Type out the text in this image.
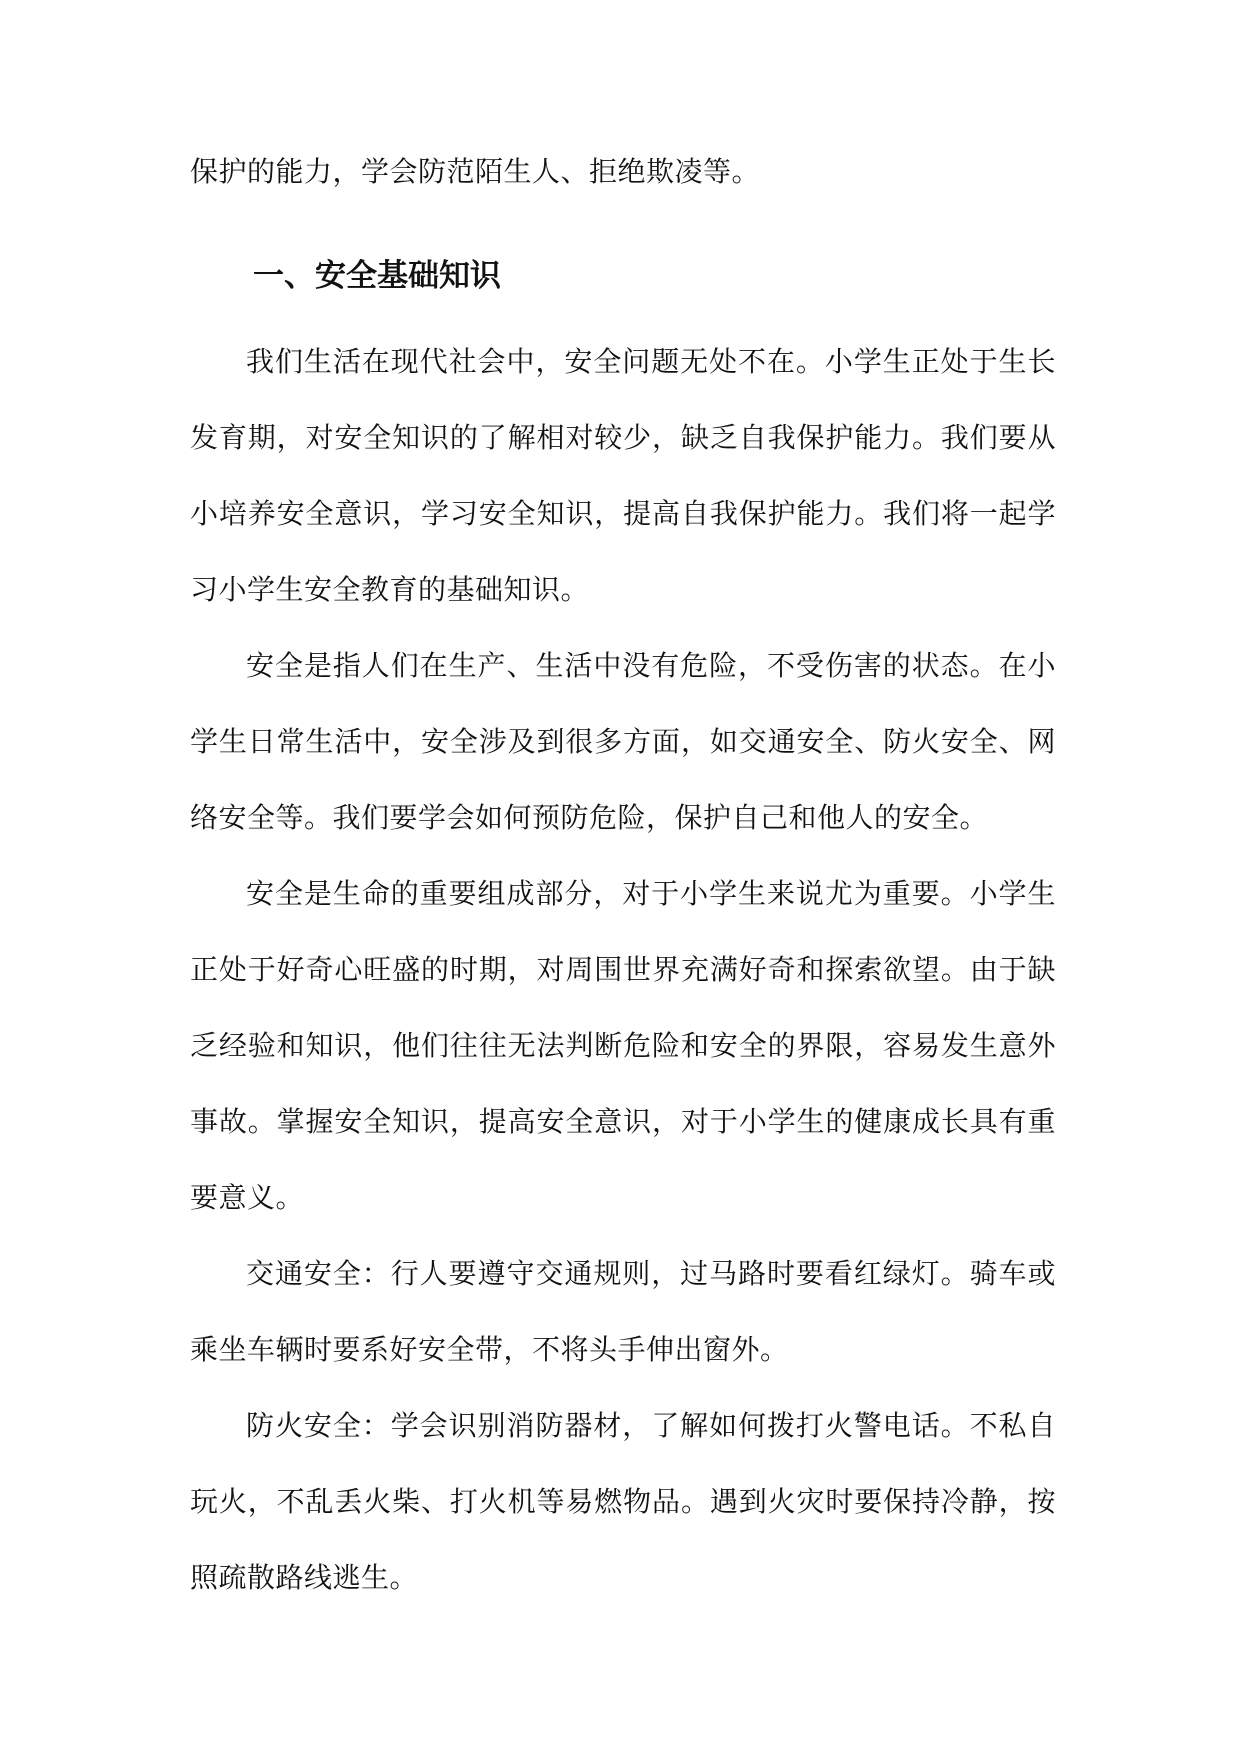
保护的能力，学会防范陌生人、拒绝欺凌等。

一、安全基础知识

我们生活在现代社会中，安全问题无处不在。小学生正处于生长发育期，对安全知识的了解相对较少，缺乏自我保护能力。我们要从小培养安全意识，学习安全知识，提高自我保护能力。我们将一起学习小学生安全教育的基础知识。

安全是指人们在生产、生活中没有危险，不受伤害的状态。在小学生日常生活中，安全涉及到很多方面，如交通安全、防火安全、网络安全等。我们要学会如何预防危险，保护自己和他人的安全。

安全是生命的重要组成部分，对于小学生来说尤为重要。小学生正处于好奇心旺盛的时期，对周围世界充满好奇和探索欲望。由于缺乏经验和知识，他们往往无法判断危险和安全的界限，容易发生意外事故。掌握安全知识，提高安全意识，对于小学生的健康成长具有重要意义。

交通安全：行人要遵守交通规则，过马路时要看红绿灯。骑车或乘坐车辆时要系好安全带，不将头手伸出窗外。

防火安全：学会识别消防器材，了解如何拨打火警电话。不私自玩火，不乱丢火柴、打火机等易燃物品。遇到火灾时要保持冷静，按照疏散路线逃生。
